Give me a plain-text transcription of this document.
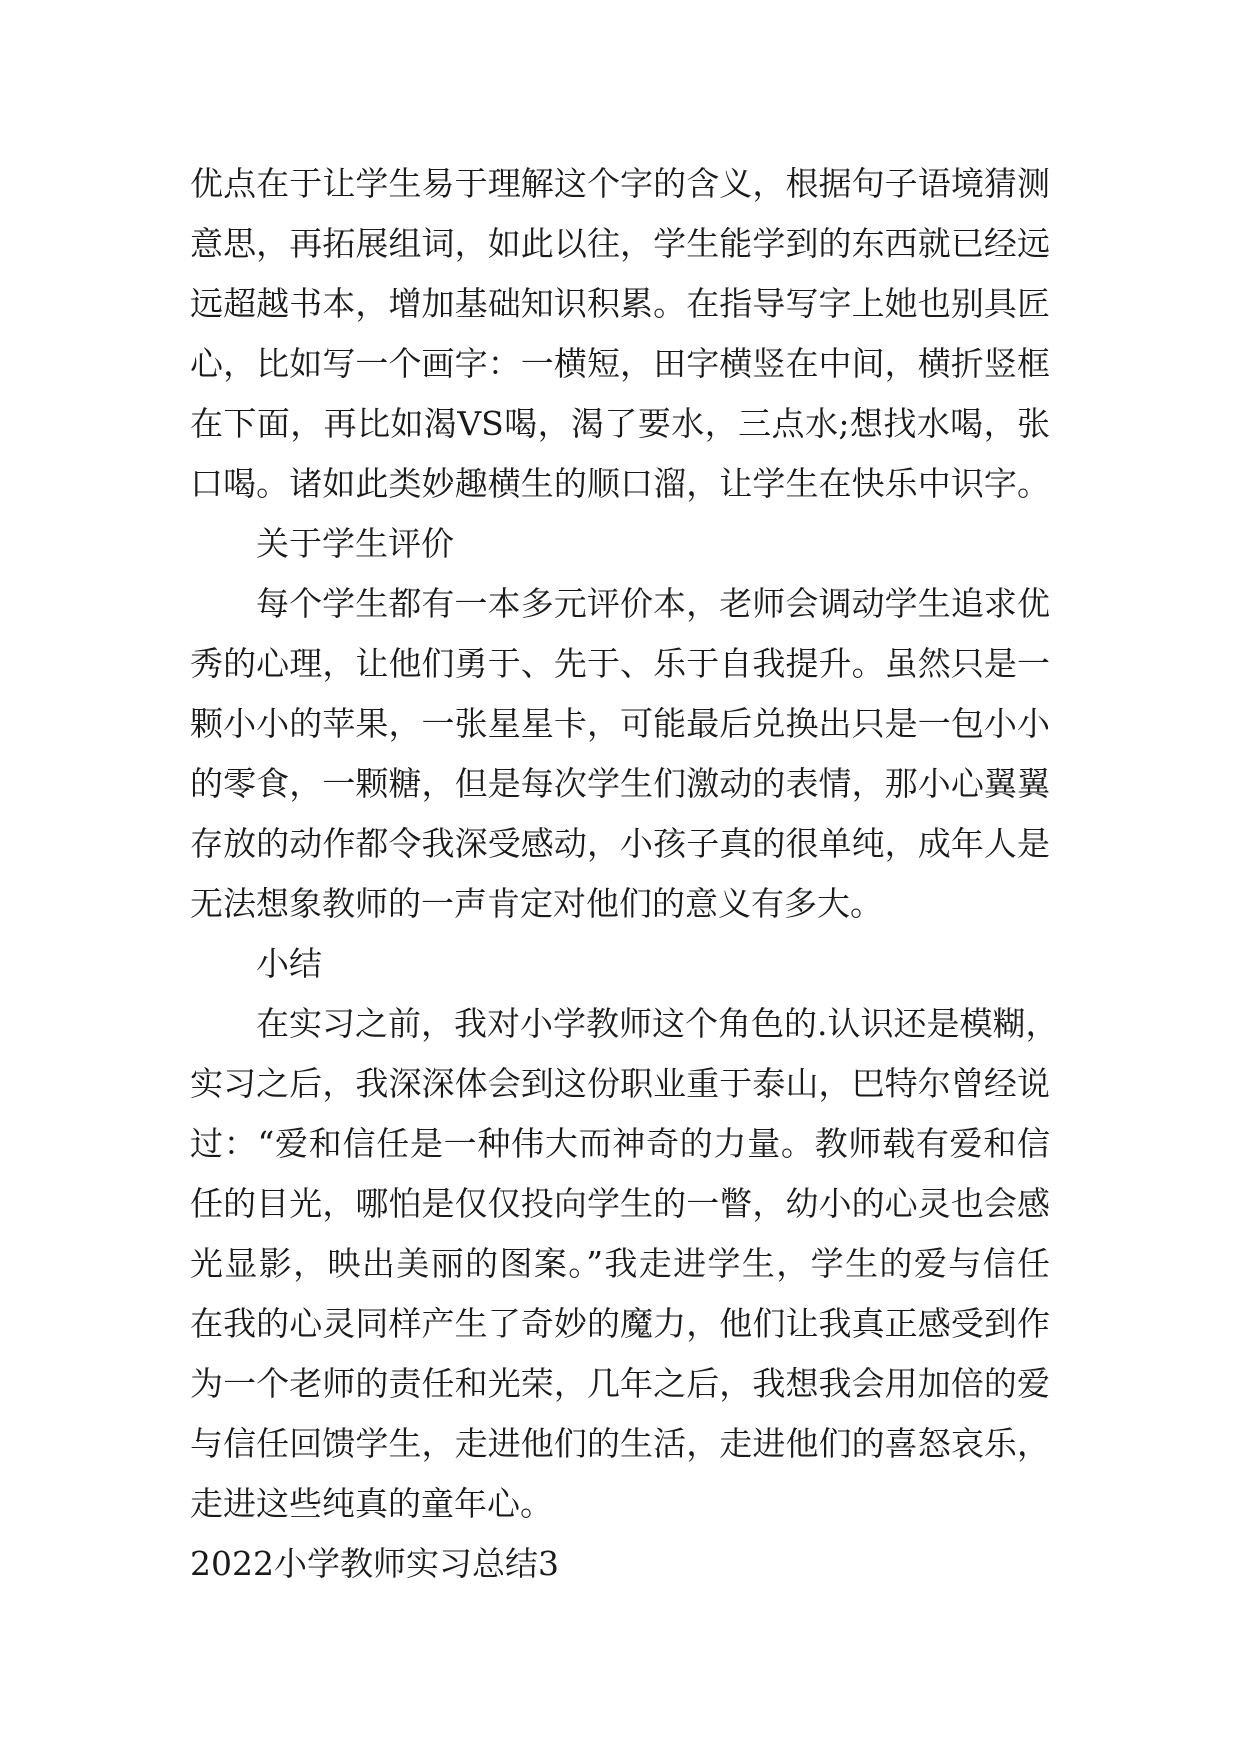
优点在于让学生易于理解这个字的含义，根据句子语境猜测
意思，再拓展组词，如此以往，学生能学到的东西就已经远
远超越书本，增加基础知识积累。在指导写字上她也别具匠
心，比如写一个画字：一横短，田字横竖在中间，横折竖框
在下面，再比如渴VS喝，渴了要水，三点水;想找水喝，张
口喝。诸如此类妙趣横生的顺口溜，让学生在快乐中识字。
关于学生评价
每个学生都有一本多元评价本，老师会调动学生追求优
秀的心理，让他们勇于、先于、乐于自我提升。虽然只是一
颗小小的苹果，一张星星卡，可能最后兑换出只是一包小小
的零食，一颗糖，但是每次学生们激动的表情，那小心翼翼
存放的动作都令我深受感动，小孩子真的很单纯，成年人是
无法想象教师的一声肯定对他们的意义有多大。
小结
在实习之前，我对小学教师这个角色的.认识还是模糊，
实习之后，我深深体会到这份职业重于泰山，巴特尔曾经说
过：“爱和信任是一种伟大而神奇的力量。教师载有爱和信
任的目光，哪怕是仅仅投向学生的一瞥，幼小的心灵也会感
光显影，映出美丽的图案。”我走进学生，学生的爱与信任
在我的心灵同样产生了奇妙的魔力，他们让我真正感受到作
为一个老师的责任和光荣，几年之后，我想我会用加倍的爱
与信任回馈学生，走进他们的生活，走进他们的喜怒哀乐，
走进这些纯真的童年心。
2022小学教师实习总结3
